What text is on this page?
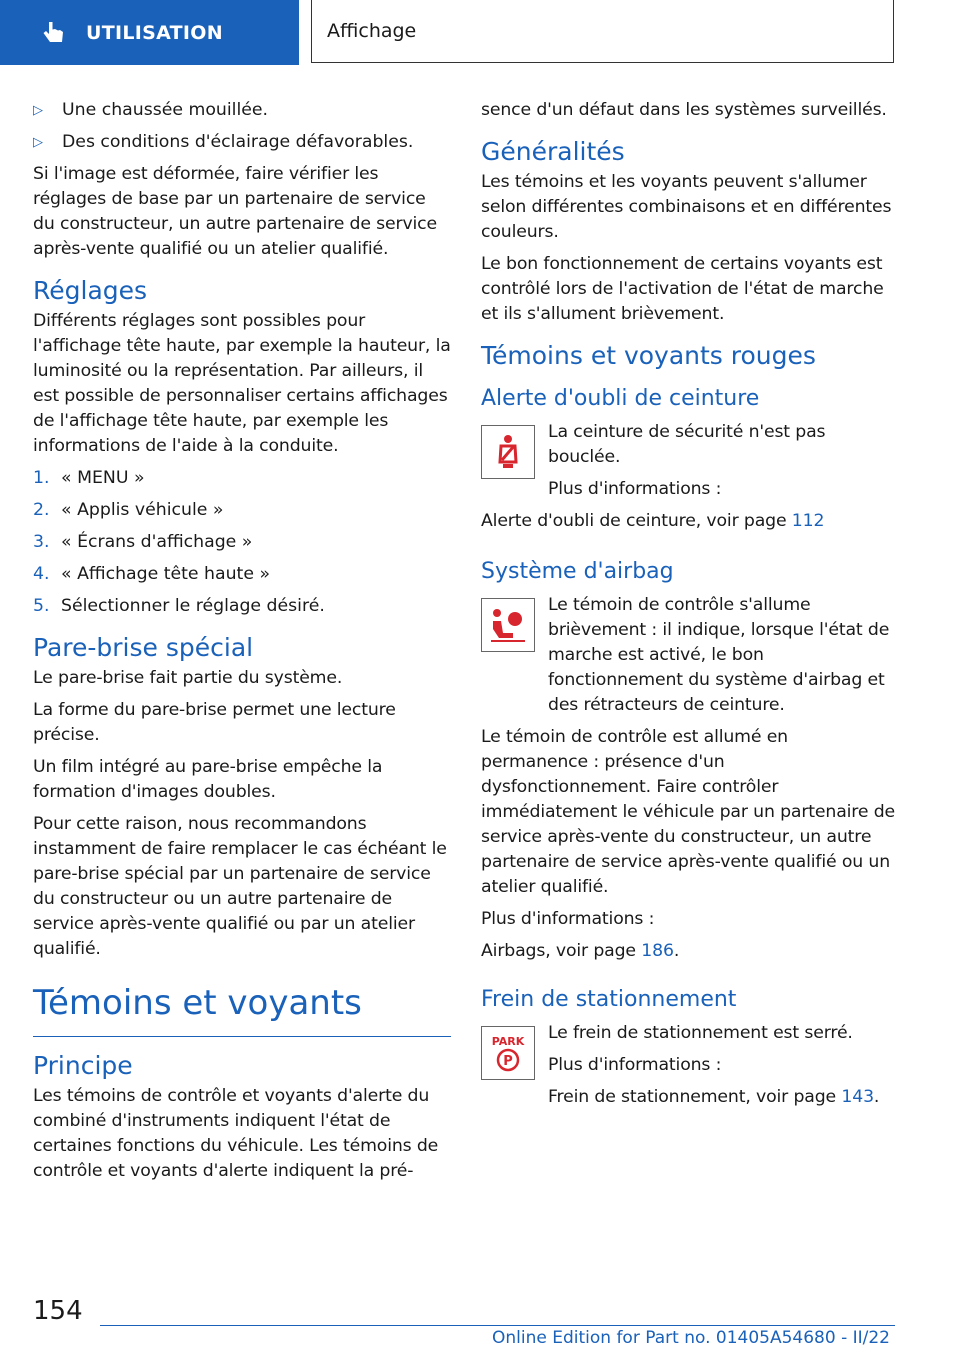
UTILISATION	Affichage
▷	Une chaussée mouillée.
▷	Des conditions d'éclairage défavorables.

Si l'image est déformée, faire vérifier les réglages de base par un partenaire de service du constructeur, un autre partenaire de service après-vente qualifié ou un atelier qualifié.

Réglages

Différents réglages sont possibles pour l'affichage tête haute, par exemple la hauteur, la luminosité ou la représentation. Par ailleurs, il est possible de personnaliser certains affichages de l'affichage tête haute, par exemple les informations de l'aide à la conduite.

1. « MENU »
2. « Applis véhicule »
3. « Écrans d'affichage »
4. « Affichage tête haute »
5. Sélectionner le réglage désiré.
Pare-brise spécial

Le pare-brise fait partie du système.

La forme du pare-brise permet une lecture précise.

Un film intégré au pare-brise empêche la formation d'images doubles.

Pour cette raison, nous recommandons instamment de faire remplacer le cas échéant le pare-brise spécial par un partenaire de service du constructeur ou un autre partenaire de service après-vente qualifié ou par un atelier qualifié.

Témoins et voyants
Principe

Les témoins de contrôle et voyants d'alerte du combiné d'instruments indiquent l'état de certaines fonctions du véhicule. Les témoins de contrôle et voyants d'alerte indiquent la pré-

sence d'un défaut dans les systèmes surveillés.

Généralités

Les témoins et les voyants peuvent s'allumer selon différentes combinaisons et en différentes couleurs.

Le bon fonctionnement de certains voyants est contrôlé lors de l'activation de l'état de marche et ils s'allument brièvement.

Témoins et voyants rouges
Alerte d'oubli de ceinture

La ceinture de sécurité n'est pas bouclée.

Plus d'informations :

Alerte d'oubli de ceinture, voir page 112

Système d'airbag

Le témoin de contrôle s'allume brièvement : il indique, lorsque l'état de marche est activé, le bon fonctionnement du système d'airbag et des rétracteurs de ceinture.

Le témoin de contrôle est allumé en permanence : présence d'un dysfonctionnement. Faire contrôler immédiatement le véhicule par un partenaire de service après-vente du constructeur, un autre partenaire de service après-vente qualifié ou un atelier qualifié.

Plus d'informations :

Airbags, voir page 186.

Frein de stationnement
PARK
P

Le frein de stationnement est serré.

Plus d'informations :

Frein de stationnement, voir page 143.

154
Online Edition for Part no. 01405A54680 - II/22
